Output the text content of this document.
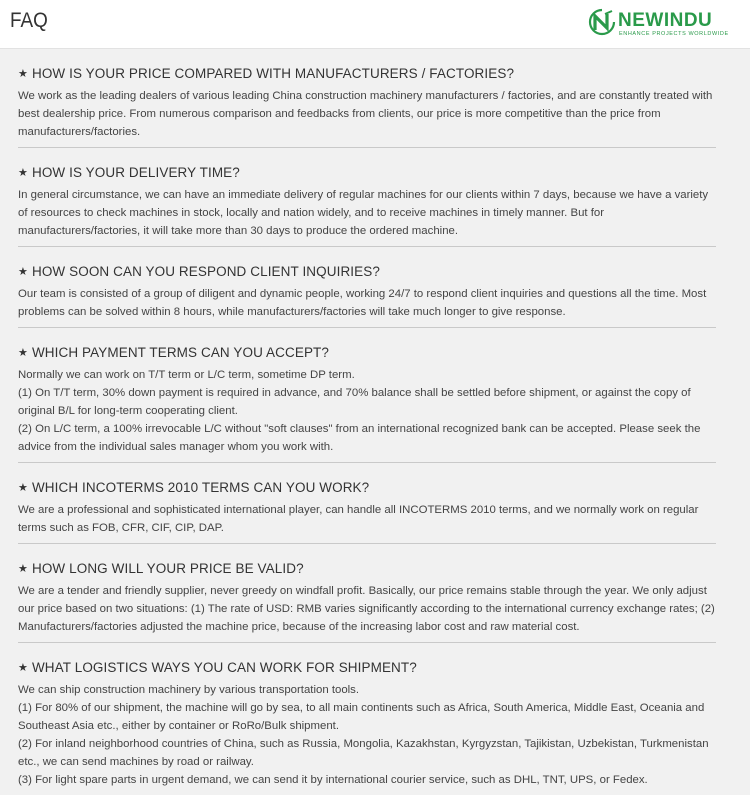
FAQ	NEWINDU
ENHANCE PROJECTS WORLDWIDE
★ HOW IS YOUR PRICE COMPARED WITH MANUFACTURERS / FACTORIES?

We work as the leading dealers of various leading China construction machinery manufacturers / factories, and are constantly treated with best dealership price. From numerous comparison and feedbacks from clients, our price is more competitive than the price from manufacturers/factories.

★ HOW IS YOUR DELIVERY TIME?

In general circumstance, we can have an immediate delivery of regular machines for our clients within 7 days, because we have a variety of resources to check machines in stock, locally and nation widely, and to receive machines in timely manner. But for manufacturers/factories, it will take more than 30 days to produce the ordered machine.

★ HOW SOON CAN YOU RESPOND CLIENT INQUIRIES?

Our team is consisted of a group of diligent and dynamic people, working 24/7 to respond client inquiries and questions all the time. Most problems can be solved within 8 hours, while manufacturers/factories will take much longer to give response.

★ WHICH PAYMENT TERMS CAN YOU ACCEPT?

Normally we can work on T/T term or L/C term, sometime DP term.

(1) On T/T term, 30% down payment is required in advance, and 70% balance shall be settled before shipment, or against the copy of original B/L for long-term cooperating client.

(2) On L/C term, a 100% irrevocable L/C without "soft clauses" from an international recognized bank can be accepted. Please seek the advice from the individual sales manager whom you work with.

★ WHICH INCOTERMS 2010 TERMS CAN YOU WORK?

We are a professional and sophisticated international player, can handle all INCOTERMS 2010 terms, and we normally work on regular terms such as FOB, CFR, CIF, CIP, DAP.

★ HOW LONG WILL YOUR PRICE BE VALID?

We are a tender and friendly supplier, never greedy on windfall profit. Basically, our price remains stable through the year. We only adjust our price based on two situations: (1) The rate of USD: RMB varies significantly according to the international currency exchange rates; (2) Manufacturers/factories adjusted the machine price, because of the increasing labor cost and raw material cost.

★ WHAT LOGISTICS WAYS YOU CAN WORK FOR SHIPMENT?

We can ship construction machinery by various transportation tools.

(1) For 80% of our shipment, the machine will go by sea, to all main continents such as Africa, South America, Middle East, Oceania and Southeast Asia etc., either by container or RoRo/Bulk shipment.

(2) For inland neighborhood countries of China, such as Russia, Mongolia, Kazakhstan, Kyrgyzstan, Tajikistan, Uzbekistan, Turkmenistan etc., we can send machines by road or railway.

(3) For light spare parts in urgent demand, we can send it by international courier service, such as DHL, TNT, UPS, or Fedex.
